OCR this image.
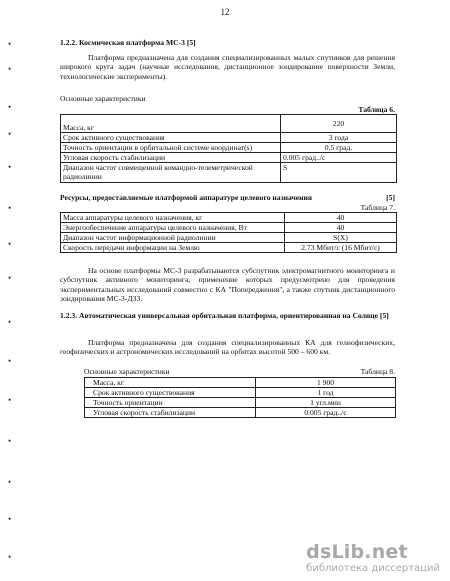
12
•
•
•
•
•
•
•
•
•
•
•
•
•
•
•
1.2.2. Космическая платформа МС-3 [5]
Платформа предназначена для создания специализированных малых спутников для решения широкого круга задач (научные исследования, дистанционное зондирование поверхности Земли, технологические эксперименты).
Основные характеристики
Таблица 6.
Масса, кг	220
Срок активного существования	3 года
Точность ориентации в орбитальной системе координат(s)	0.5 град.
Угловая скорость стабилизации	0.005 град../с
Диапазон частот совмещенной командно-телеметрической радиолинии	S
Ресурсы, предоставляемые платформой аппаратуре целевого назначения	[5]
Таблица 7.
Масса аппаратуры целевого назначения, кг	40
Энергообеспечение аппаратуры целевого назначения, Вт	40
Диапазон частот информационной радиолинии	S(X)
Скорость передачи информации на Землю	2.73 Мбит/с (16 Мбит/с)
На основе платформы МС-3 разрабатываются субспутник электромагнитного мониторинга и субспутник активного мониторинга, применение которых предусмотрено для проведения экспериментальных исследований совместно с КА "Попередження", а также спутник дистанционного зондирования МС-3-ДЗЗ.
1.2.3. Автоматическая универсальная орбитальная платформа, ориентированная на Солнце [5]
Платформа предназначена для создания специализированных КА для гелиофизических, геофизических и астрономических исследований на орбитах высотой 500 – 600 км.
Основные характеристики	Таблица 8.
Масса, кг	1 900
Срок активного существования	1 год
Точность ориентации	1 угл.мин
Угловая скорость стабилизации	0.005 град../с
dsLib.net
библиотека диссертаций
